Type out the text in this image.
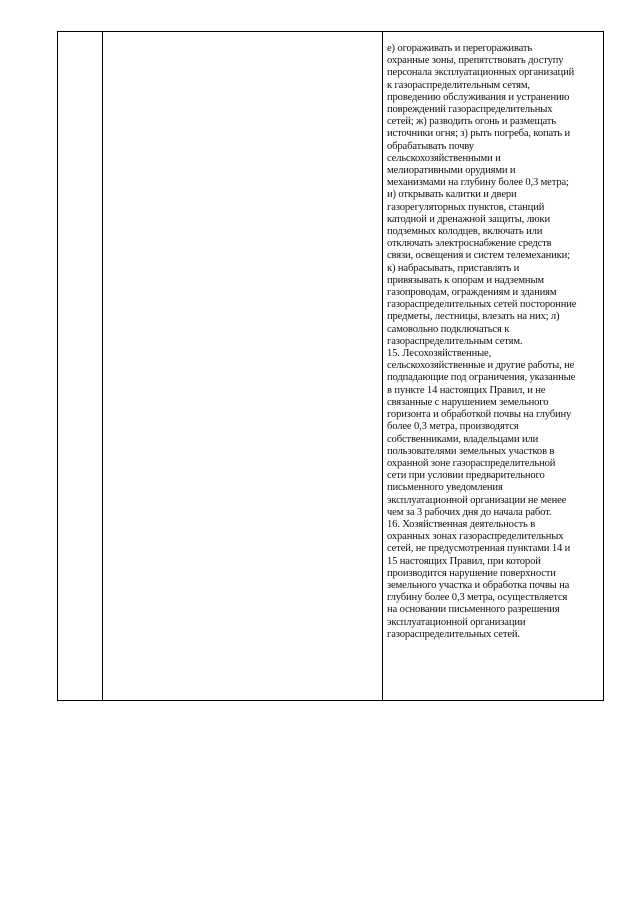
е) огораживать и перегораживать
охранные зоны, препятствовать доступу
персонала эксплуатационных организаций
к газораспределительным сетям,
проведению обслуживания и устранению
повреждений газораспределительных
сетей; ж) разводить огонь и размещать
источники огня; з) рыть погреба, копать и
обрабатывать почву
сельскохозяйственными и
мелиоративными орудиями и
механизмами на глубину более 0,3 метра;
и) открывать калитки и двери
газорегуляторных пунктов, станций
катодной и дренажной защиты, люки
подземных колодцев, включать или
отключать электроснабжение средств
связи, освещения и систем телемеханики;
к) набрасывать, приставлять и
привязывать к опорам и надземным
газопроводам, ограждениям и зданиям
газораспределительных сетей посторонние
предметы, лестницы, влезать на них; л)
самовольно подключаться к
газораспределительным сетям.
15. Лесохозяйственные,
сельскохозяйственные и другие работы, не
подпадающие под ограничения, указанные
в пункте 14 настоящих Правил, и не
связанные с нарушением земельного
горизонта и обработкой почвы на глубину
более 0,3 метра, производятся
собственниками, владельцами или
пользователями земельных участков в
охранной зоне газораспределительной
сети при условии предварительного
письменного уведомления
эксплуатационной организации не менее
чем за 3 рабочих дня до начала работ.
16. Хозяйственная деятельность в
охранных зонах газораспределительных
сетей, не предусмотренная пунктами 14 и
15 настоящих Правил, при которой
производится нарушение поверхности
земельного участка и обработка почвы на
глубину более 0,3 метра, осуществляется
на основании письменного разрешения
эксплуатационной организации
газораспределительных сетей.
